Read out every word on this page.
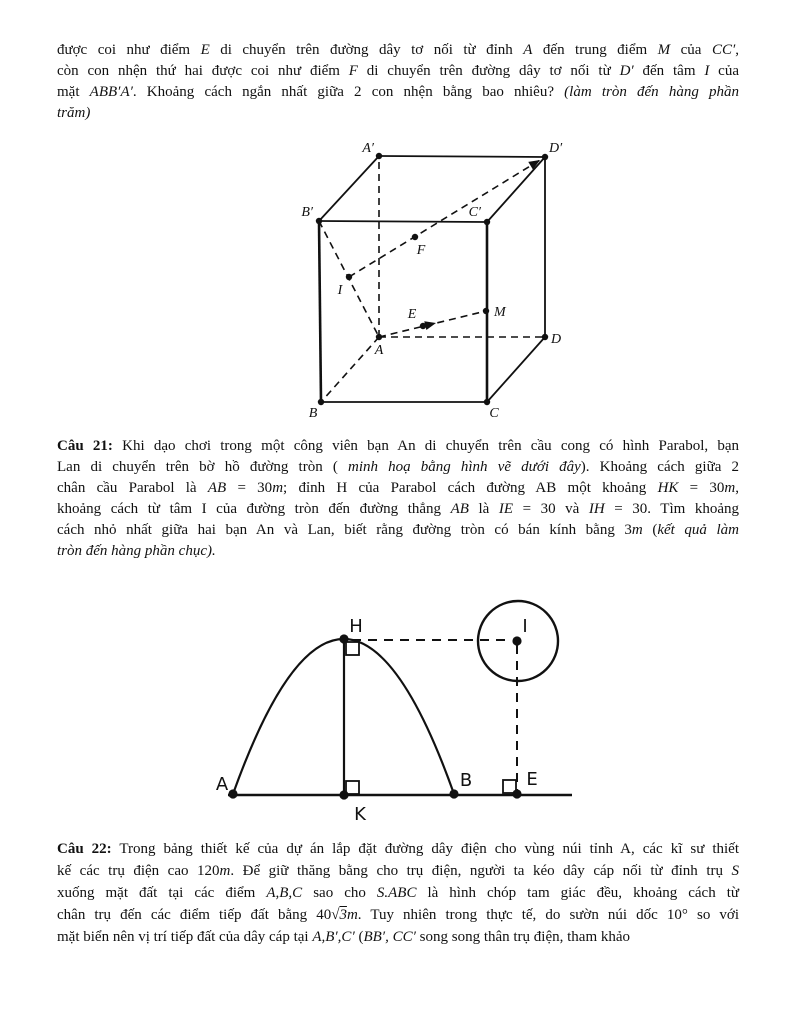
được coi như điểm E di chuyển trên đường dây tơ nối từ đỉnh A đến trung điểm M của CC′,
còn con nhện thứ hai được coi như điểm F di chuyển trên đường dây tơ nối từ D′ đến tâm I của
mặt ABB′A′. Khoảng cách ngắn nhất giữa 2 con nhện bằng bao nhiêu? (làm tròn đến hàng phần
trăm)
A′	D′
B′	C′
B	C
D
A
I
F
E	M
Câu 21: Khi dạo chơi trong một công viên bạn An di chuyển trên cầu cong có hình Parabol, bạn
Lan di chuyển trên bờ hồ đường tròn ( minh hoạ bằng hình vẽ dưới đây). Khoảng cách giữa 2
chân cầu Parabol là AB = 30m; đỉnh H của Parabol cách đường AB một khoảng HK = 30m,
khoảng cách từ tâm I của đường tròn đến đường thẳng AB là IE = 30 và IH = 30. Tìm khoảng
cách nhỏ nhất giữa hai bạn An và Lan, biết rằng đường tròn có bán kính bằng 3m (kết quả làm
tròn đến hàng phần chục).
A
H
K
B	E
I
Câu 22: Trong bảng thiết kế của dự án lắp đặt đường dây điện cho vùng núi tỉnh A, các kĩ sư thiết
kế các trụ điện cao 120m. Để giữ thăng bằng cho trụ điện, người ta kéo dây cáp nối từ đỉnh trụ S
xuống mặt đất tại các điểm A,B,C sao cho S.ABC là hình chóp tam giác đều, khoảng cách từ
chân trụ đến các điểm tiếp đất bằng 40√3m. Tuy nhiên trong thực tế, do sườn núi dốc 10° so với
mặt biển nên vị trí tiếp đất của dây cáp tại A,B′,C′ (BB′, CC′ song song thân trụ điện, tham khảo
